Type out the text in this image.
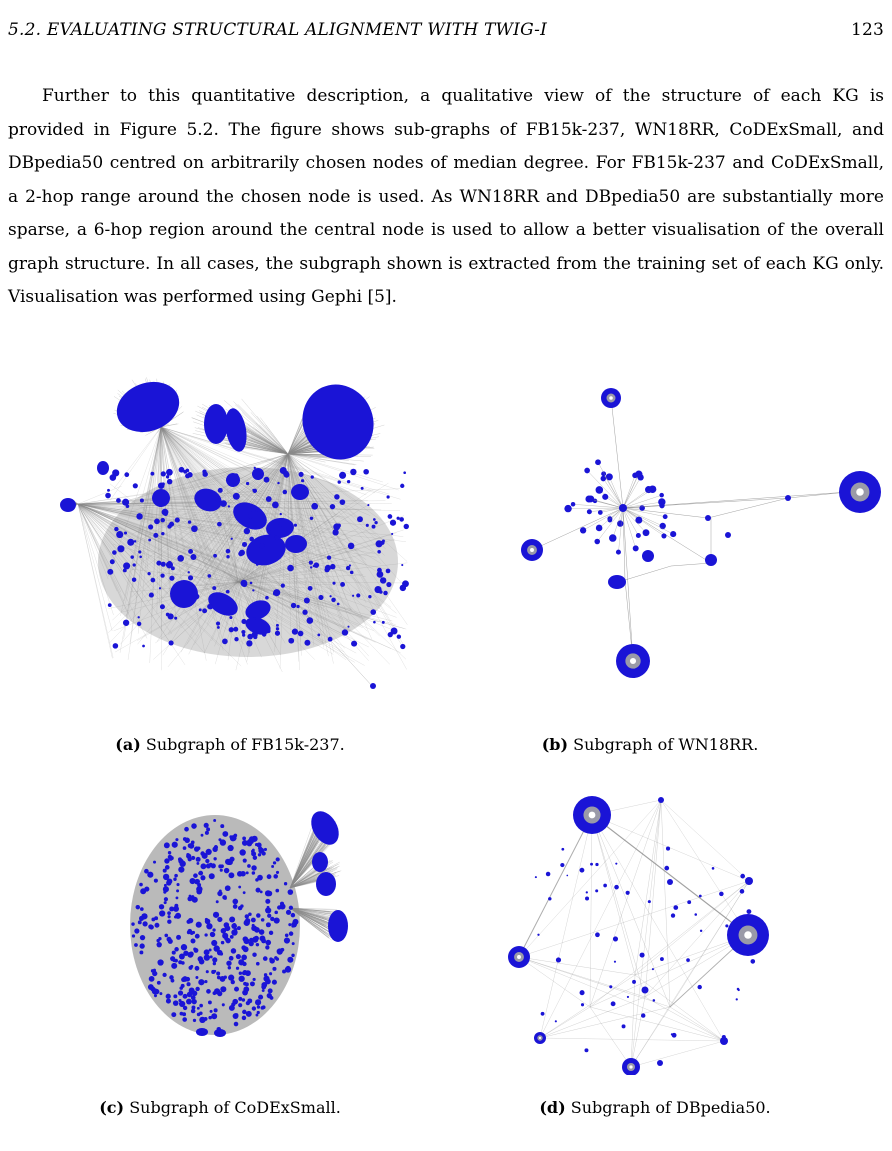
5.2. EVALUATING STRUCTURAL ALIGNMENT WITH TWIG-I	123

Further to this quantitative description, a qualitative view of the structure of each KG is provided in Figure 5.2. The figure shows sub-graphs of FB15k-237, WN18RR, CoDExSmall, and DBpedia50 centred on arbitrarily chosen nodes of median degree. For FB15k-237 and CoDExSmall, a 2-hop range around the chosen node is used. As WN18RR and DBpedia50 are substantially more sparse, a 6-hop region around the central node is used to allow a better visualisation of the overall graph structure. In all cases, the subgraph shown is extracted from the training set of each KG only. Visualisation was performed using Gephi [5].

(a) Subgraph of FB15k-237.	(b) Subgraph of WN18RR.
(c) Subgraph of CoDExSmall.	(d) Subgraph of DBpedia50.
